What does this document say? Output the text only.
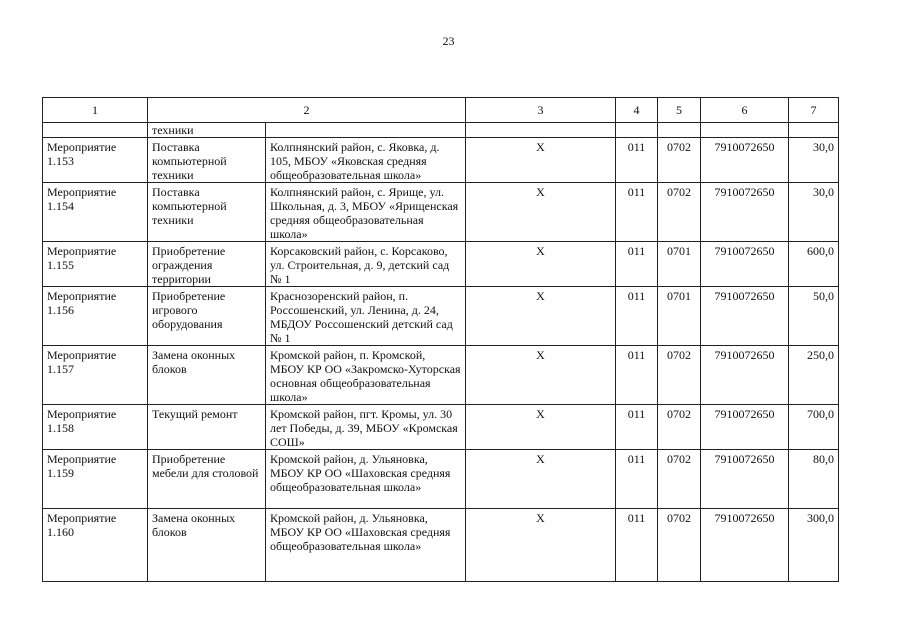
23
1	2		3	4	5	6	7
	техники						
Мероприятие 1.153	Поставка компьютерной техники	Колпнянский район, с. Яковка, д. 105, МБОУ «Яковская средняя общеобразовательная школа»	Х	011	0702	7910072650	30,0
Мероприятие 1.154	Поставка компьютерной техники	Колпнянский район, с. Ярище, ул. Школьная, д. 3, МБОУ «Ярищенская средняя общеобразовательная школа»	Х	011	0702	7910072650	30,0
Мероприятие 1.155	Приобретение ограждения территории	Корсаковский район, с. Корсаково, ул. Строительная, д. 9, детский сад № 1	Х	011	0701	7910072650	600,0
Мероприятие 1.156	Приобретение игрового оборудования	Краснозоренский район, п. Россошенский, ул. Ленина, д. 24, МБДОУ Россошенский детский сад № 1	Х	011	0701	7910072650	50,0
Мероприятие 1.157	Замена оконных блоков	Кромской район, п. Кромской, МБОУ КР ОО «Закромско-Хуторская основная общеобразовательная школа»	Х	011	0702	7910072650	250,0
Мероприятие 1.158	Текущий ремонт	Кромской район, пгт. Кромы, ул. 30 лет Победы, д. 39, МБОУ «Кромская СОШ»	Х	011	0702	7910072650	700,0
Мероприятие 1.159	Приобретение мебели для столовой	Кромской район, д. Ульяновка, МБОУ КР ОО «Шаховская средняя общеобразовательная школа»	Х	011	0702	7910072650	80,0
Мероприятие 1.160	Замена оконных блоков	Кромской район, д. Ульяновка, МБОУ КР ОО «Шаховская средняя общеобразовательная школа»	Х	011	0702	7910072650	300,0
